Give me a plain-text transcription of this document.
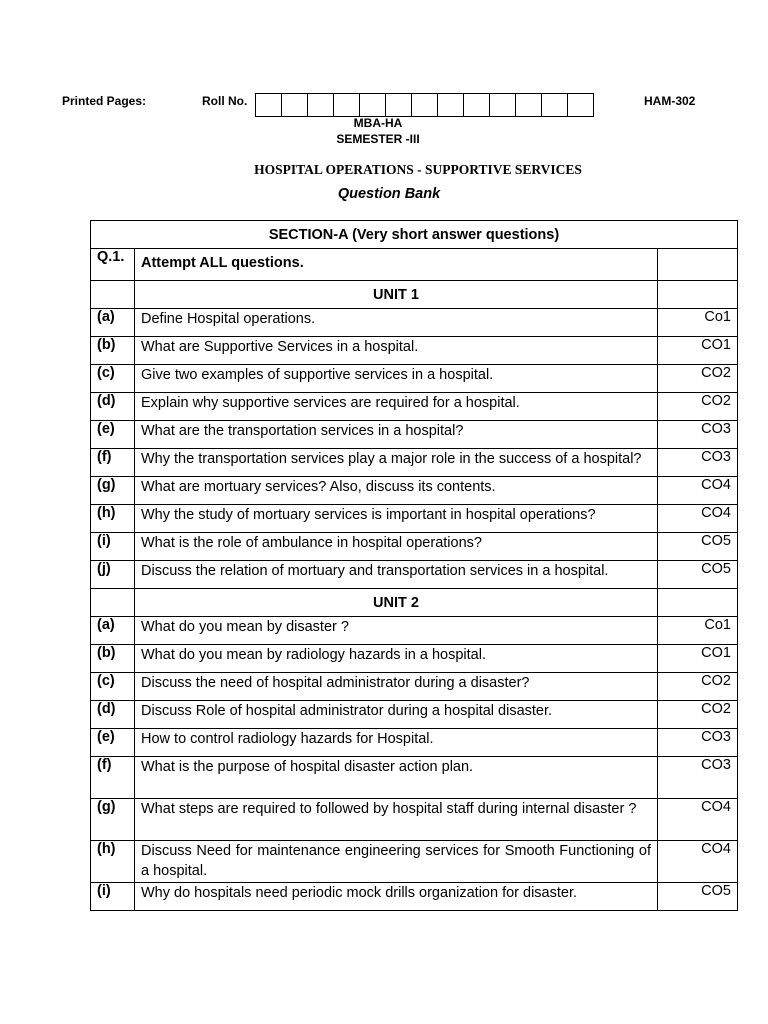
Printed Pages:	Roll No.	HAM-302
MBA-HA
SEMESTER -III
HOSPITAL OPERATIONS - SUPPORTIVE SERVICES
Question Bank
SECTION-A (Very short answer questions)		
Q.1.	Attempt ALL questions.	
	UNIT 1	
(a)	Define Hospital operations.	Co1
(b)	What are Supportive Services in a hospital.	CO1
(c)	Give two examples of supportive services in a hospital.	CO2
(d)	Explain why supportive services are required for a hospital.	CO2
(e)	What are the transportation services in a hospital?	CO3
(f)	Why the transportation services play a major role in the success of a hospital?	CO3
(g)	What are mortuary services? Also, discuss its contents.	CO4
(h)	Why the study of mortuary services is important in hospital operations?	CO4
(i)	What is the role of ambulance in hospital operations?	CO5
(j)	Discuss the relation of mortuary and transportation services in a hospital.	CO5
	UNIT 2	
(a)	What do you mean by disaster ?	Co1
(b)	What do you mean by radiology hazards in a hospital.	CO1
(c)	Discuss the need of hospital administrator during a disaster?	CO2
(d)	Discuss Role of hospital administrator during a hospital disaster.	CO2
(e)	How to control radiology hazards for Hospital.	CO3
(f)	What is the purpose of hospital disaster action plan.	CO3
(g)	What steps are required to followed by hospital staff during internal disaster ?	CO4
(h)	Discuss Need for maintenance engineering services for Smooth Functioning of a hospital.	CO4
(i)	Why do hospitals need periodic mock drills organization for disaster.	CO5
